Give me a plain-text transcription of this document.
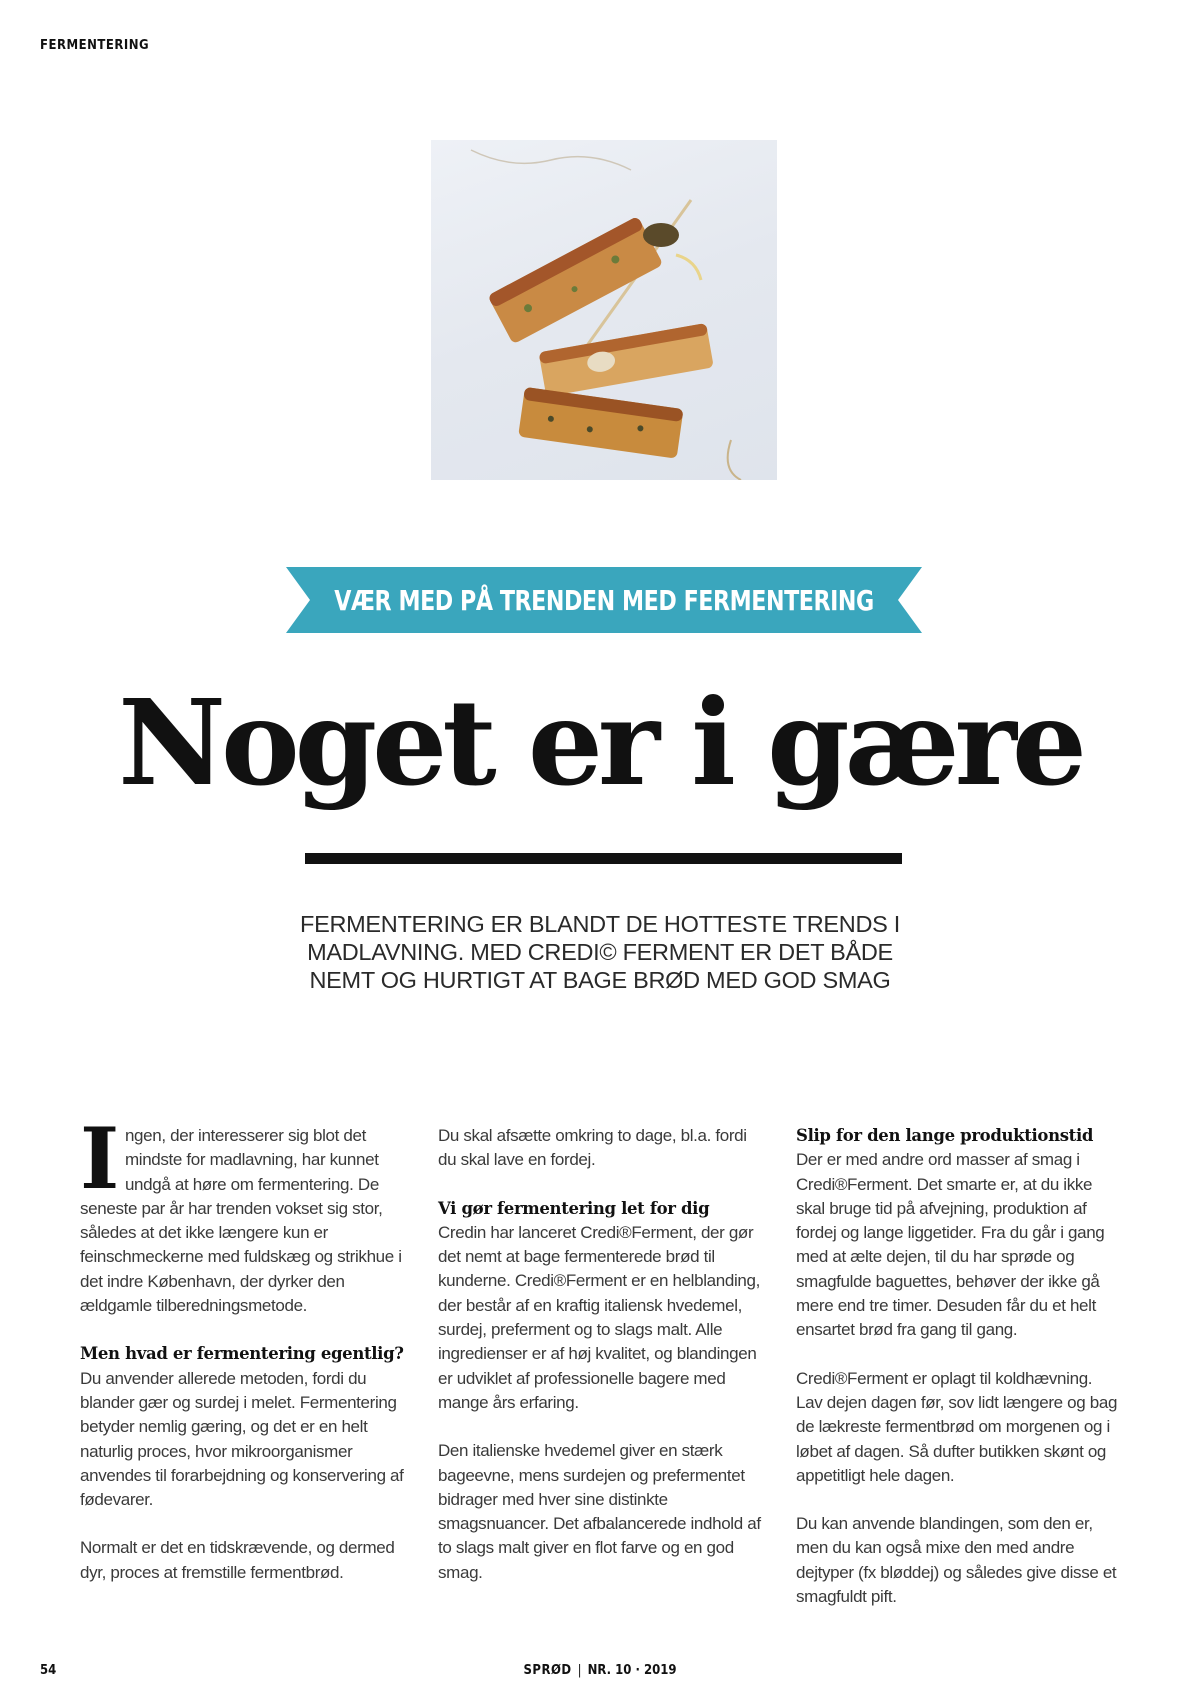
FERMENTERING
VÆR MED PÅ TRENDEN MED FERMENTERING
Noget er i gære
FERMENTERING ER BLANDT DE HOTTESTE TRENDS I
MADLAVNING. MED CREDI© FERMENT ER DET BÅDE
NEMT OG HURTIGT AT BAGE BRØD MED GOD SMAG

Ingen, der interesserer sig blot det mindste for madlavning, har kunnet undgå at høre om fermentering. De seneste par år har trenden vokset sig stor, således at det ikke længere kun er feinschmeckerne med fuldskæg og strikhue i det indre København, der dyrker den ældgamle tilberedningsmetode.

Men hvad er fermentering egentlig?

Du anvender allerede metoden, fordi du blander gær og surdej i melet. Fermentering betyder nemlig gæring, og det er en helt naturlig proces, hvor mikroorganismer anvendes til forarbejdning og konservering af fødevarer.

Normalt er det en tidskrævende, og dermed dyr, proces at fremstille fermentbrød.

Du skal afsætte omkring to dage, bl.a. fordi du skal lave en fordej.

Vi gør fermentering let for dig

Credin har lanceret Credi®Ferment, der gør det nemt at bage fermenterede brød til kunderne. Credi®Ferment er en helblanding, der består af en kraftig italiensk hvedemel, surdej, preferment og to slags malt. Alle ingredienser er af høj kvalitet, og blandingen er udviklet af professionelle bagere med mange års erfaring.

Den italienske hvedemel giver en stærk bageevne, mens surdejen og prefermentet bidrager med hver sine distinkte smagsnuancer. Det afbalancerede indhold af to slags malt giver en flot farve og en god smag.

Slip for den lange produktionstid

Der er med andre ord masser af smag i Credi®Ferment. Det smarte er, at du ikke skal bruge tid på afvejning, produktion af fordej og lange liggetider. Fra du går i gang med at ælte dejen, til du har sprøde og smagfulde baguettes, behøver der ikke gå mere end tre timer. Desuden får du et helt ensartet brød fra gang til gang.

Credi®Ferment er oplagt til koldhævning. Lav dejen dagen før, sov lidt længere og bag de lækreste fermentbrød om morgenen og i løbet af dagen. Så dufter butikken skønt og appetitligt hele dagen.

Du kan anvende blandingen, som den er, men du kan også mixe den med andre dejtyper (fx bløddej) og således give disse et smagfuldt pift.

54	SPRØD | NR. 10 · 2019
